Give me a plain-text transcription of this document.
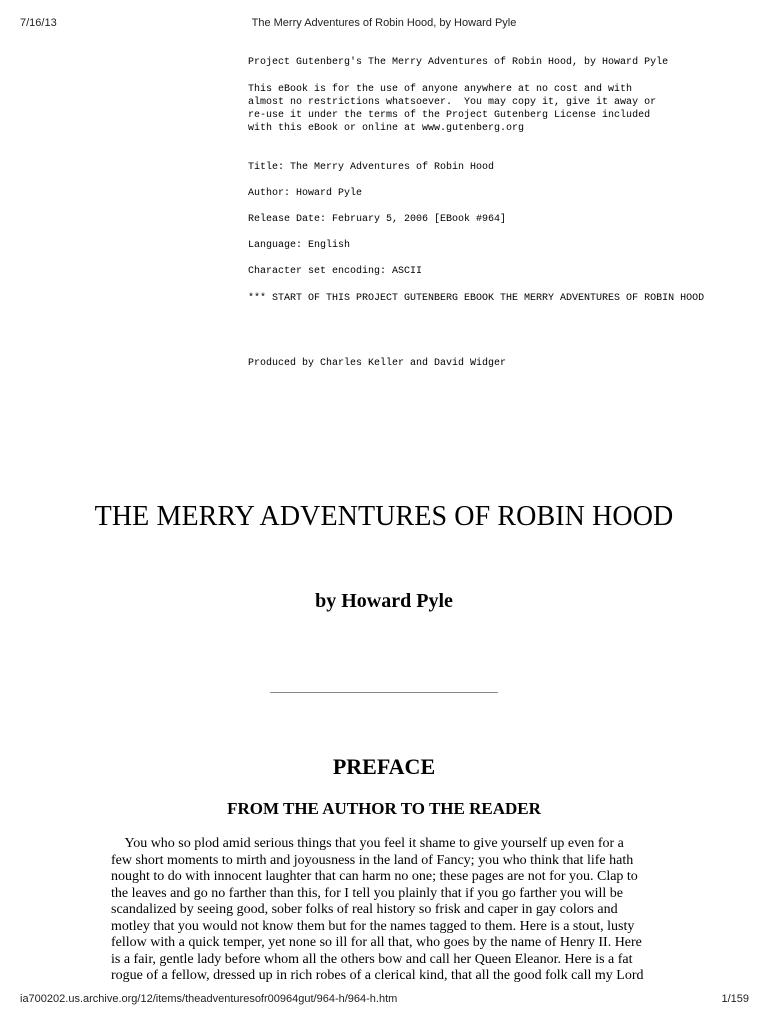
7/16/13	The Merry Adventures of Robin Hood, by Howard Pyle
Project Gutenberg's The Merry Adventures of Robin Hood, by Howard Pyle
This eBook is for the use of anyone anywhere at no cost and with
almost no restrictions whatsoever.  You may copy it, give it away or
re-use it under the terms of the Project Gutenberg License included
with this eBook or online at www.gutenberg.org
Title: The Merry Adventures of Robin Hood
Author: Howard Pyle
Release Date: February 5, 2006 [EBook #964]
Language: English
Character set encoding: ASCII
*** START OF THIS PROJECT GUTENBERG EBOOK THE MERRY ADVENTURES OF ROBIN HOOD
Produced by Charles Keller and David Widger
THE MERRY ADVENTURES OF ROBIN HOOD
by Howard Pyle
PREFACE
FROM THE AUTHOR TO THE READER

You who so plod amid serious things that you feel it shame to give yourself up even for a
few short moments to mirth and joyousness in the land of Fancy; you who think that life hath
nought to do with innocent laughter that can harm no one; these pages are not for you. Clap to
the leaves and go no farther than this, for I tell you plainly that if you go farther you will be
scandalized by seeing good, sober folks of real history so frisk and caper in gay colors and
motley that you would not know them but for the names tagged to them. Here is a stout, lusty
fellow with a quick temper, yet none so ill for all that, who goes by the name of Henry II. Here
is a fair, gentle lady before whom all the others bow and call her Queen Eleanor. Here is a fat
rogue of a fellow, dressed up in rich robes of a clerical kind, that all the good folk call my Lord

ia700202.us.archive.org/12/items/theadventuresofr00964gut/964-h/964-h.htm	1/159
